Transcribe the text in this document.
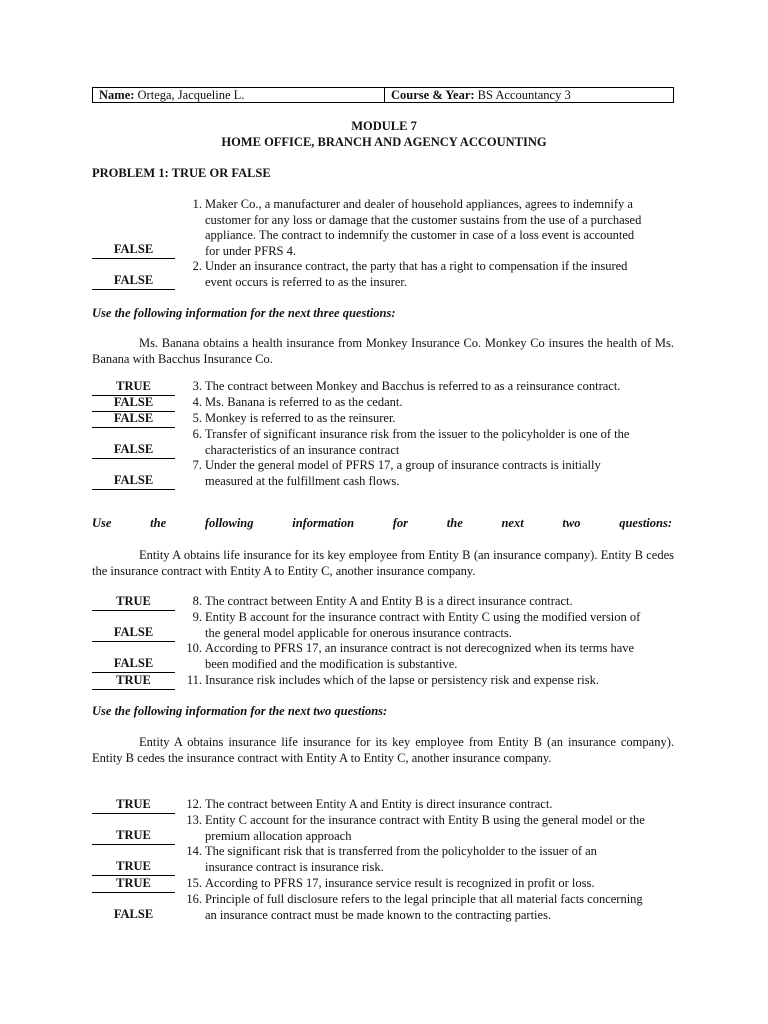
Name: Ortega, Jacqueline L.	Course & Year: BS Accountancy 3
MODULE 7
HOME OFFICE, BRANCH AND AGENCY ACCOUNTING
PROBLEM 1: TRUE OR FALSE
1. Maker Co., a manufacturer and dealer of household appliances, agrees to indemnify a
customer for any loss or damage that the customer sustains from the use of a purchased
appliance. The contract to indemnify the customer in case of a loss event is accounted
for under PFRS 4.
FALSE
2. Under an insurance contract, the party that has a right to compensation if the insured
event occurs is referred to as the insurer.
FALSE
Use the following information for the next three questions:
Ms. Banana obtains a health insurance from Monkey Insurance Co. Monkey Co insures the health of Ms. Banana with Bacchus Insurance Co.
TRUE	3. The contract between Monkey and Bacchus is referred to as a reinsurance contract.
FALSE	4. Ms. Banana is referred to as the cedant.
FALSE	5. Monkey is referred to as the reinsurer.
6. Transfer of significant insurance risk from the issuer to the policyholder is one of the
characteristics of an insurance contract
FALSE
7. Under the general model of PFRS 17, a group of insurance contracts is initially
measured at the fulfillment cash flows.
FALSE
Use	the	following	information	for	the	next	two	questions:
Entity A obtains life insurance for its key employee from Entity B (an insurance company). Entity B cedes the insurance contract with Entity A to Entity C, another insurance company.
TRUE	8. The contract between Entity A and Entity B is a direct insurance contract.
9. Entity B account for the insurance contract with Entity C using the modified version of
the general model applicable for onerous insurance contracts.
FALSE
10. According to PFRS 17, an insurance contract is not derecognized when its terms have
been modified and the modification is substantive.
FALSE
TRUE	11. Insurance risk includes which of the lapse or persistency risk and expense risk.
Use the following information for the next two questions:
Entity A obtains insurance life insurance for its key employee from Entity B (an insurance company). Entity B cedes the insurance contract with Entity A to Entity C, another insurance company.
TRUE	12. The contract between Entity A and Entity is direct insurance contract.
13. Entity C account for the insurance contract with Entity B using the general model or the
premium allocation approach
TRUE
14. The significant risk that is transferred from the policyholder to the issuer of an
insurance contract is insurance risk.
TRUE
TRUE	15. According to PFRS 17, insurance service result is recognized in profit or loss.
16. Principle of full disclosure refers to the legal principle that all material facts concerning
an insurance contract must be made known to the contracting parties.
FALSE
